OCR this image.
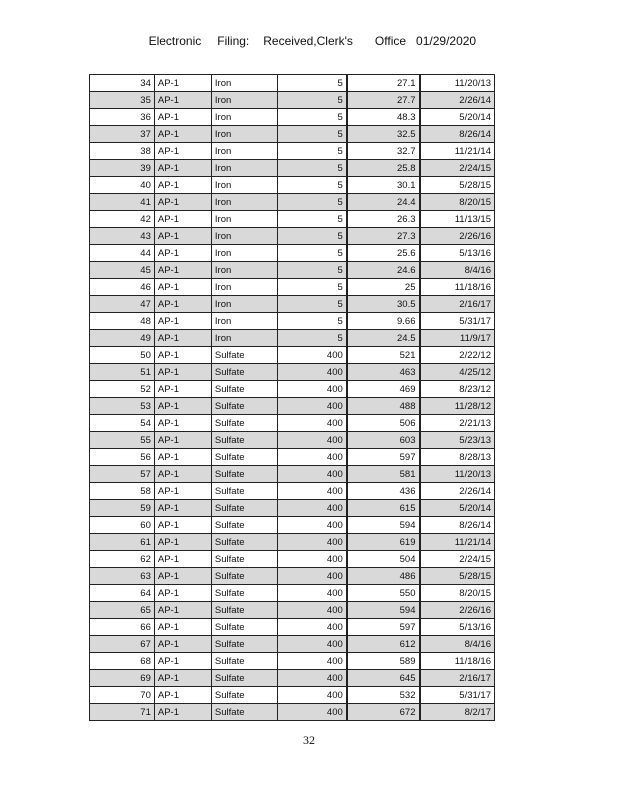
Electronic Filing: Received,Clerk's Office 01/29/2020

34	AP-1	Iron	5	27.1	11/20/13
35	AP-1	Iron	5	27.7	2/26/14
36	AP-1	Iron	5	48.3	5/20/14
37	AP-1	Iron	5	32.5	8/26/14
38	AP-1	Iron	5	32.7	11/21/14
39	AP-1	Iron	5	25.8	2/24/15
40	AP-1	Iron	5	30.1	5/28/15
41	AP-1	Iron	5	24.4	8/20/15
42	AP-1	Iron	5	26.3	11/13/15
43	AP-1	Iron	5	27.3	2/26/16
44	AP-1	Iron	5	25.6	5/13/16
45	AP-1	Iron	5	24.6	8/4/16
46	AP-1	Iron	5	25	11/18/16
47	AP-1	Iron	5	30.5	2/16/17
48	AP-1	Iron	5	9.66	5/31/17
49	AP-1	Iron	5	24.5	11/9/17
50	AP-1	Sulfate	400	521	2/22/12
51	AP-1	Sulfate	400	463	4/25/12
52	AP-1	Sulfate	400	469	8/23/12
53	AP-1	Sulfate	400	488	11/28/12
54	AP-1	Sulfate	400	506	2/21/13
55	AP-1	Sulfate	400	603	5/23/13
56	AP-1	Sulfate	400	597	8/28/13
57	AP-1	Sulfate	400	581	11/20/13
58	AP-1	Sulfate	400	436	2/26/14
59	AP-1	Sulfate	400	615	5/20/14
60	AP-1	Sulfate	400	594	8/26/14
61	AP-1	Sulfate	400	619	11/21/14
62	AP-1	Sulfate	400	504	2/24/15
63	AP-1	Sulfate	400	486	5/28/15
64	AP-1	Sulfate	400	550	8/20/15
65	AP-1	Sulfate	400	594	2/26/16
66	AP-1	Sulfate	400	597	5/13/16
67	AP-1	Sulfate	400	612	8/4/16
68	AP-1	Sulfate	400	589	11/18/16
69	AP-1	Sulfate	400	645	2/16/17
70	AP-1	Sulfate	400	532	5/31/17
71	AP-1	Sulfate	400	672	8/2/17
32
